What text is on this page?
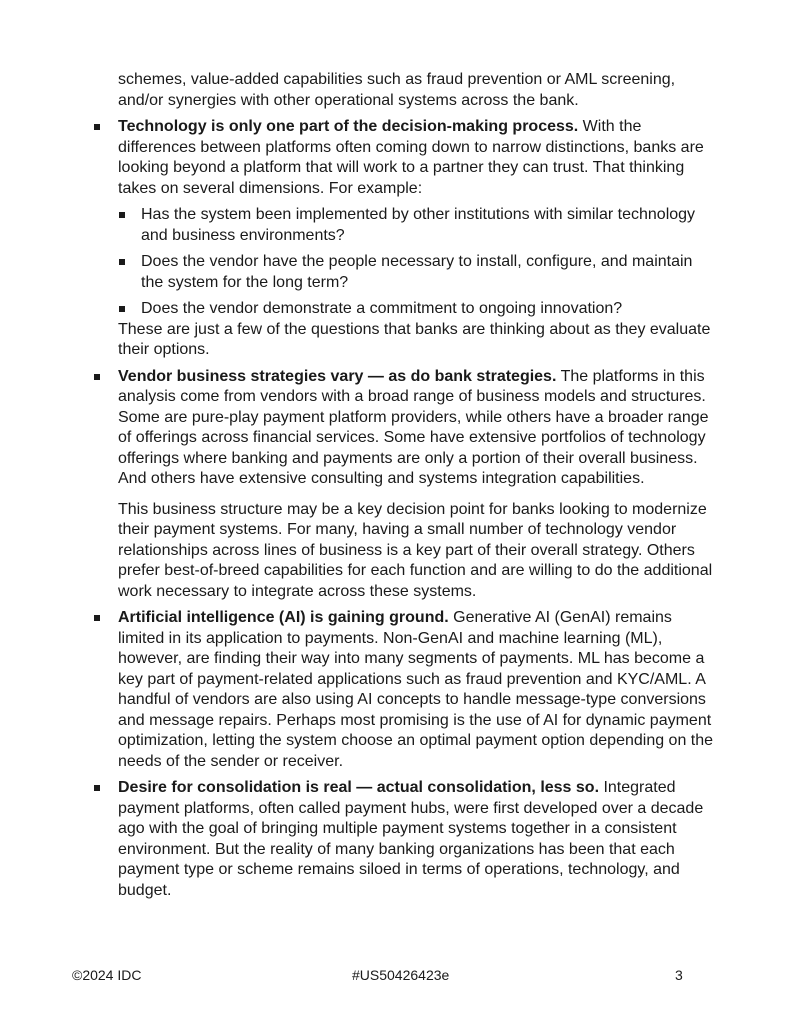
schemes, value-added capabilities such as fraud prevention or AML screening, and/or synergies with other operational systems across the bank.

Technology is only one part of the decision-making process. With the differences between platforms often coming down to narrow distinctions, banks are looking beyond a platform that will work to a partner they can trust. That thinking takes on several dimensions. For example:

Has the system been implemented by other institutions with similar technology and business environments?

Does the vendor have the people necessary to install, configure, and maintain the system for the long term?

Does the vendor demonstrate a commitment to ongoing innovation?

These are just a few of the questions that banks are thinking about as they evaluate their options.

Vendor business strategies vary — as do bank strategies. The platforms in this analysis come from vendors with a broad range of business models and structures. Some are pure-play payment platform providers, while others have a broader range of offerings across financial services. Some have extensive portfolios of technology offerings where banking and payments are only a portion of their overall business. And others have extensive consulting and systems integration capabilities.

This business structure may be a key decision point for banks looking to modernize their payment systems. For many, having a small number of technology vendor relationships across lines of business is a key part of their overall strategy. Others prefer best-of-breed capabilities for each function and are willing to do the additional work necessary to integrate across these systems.

Artificial intelligence (AI) is gaining ground. Generative AI (GenAI) remains limited in its application to payments. Non-GenAI and machine learning (ML), however, are finding their way into many segments of payments. ML has become a key part of payment-related applications such as fraud prevention and KYC/AML. A handful of vendors are also using AI concepts to handle message-type conversions and message repairs. Perhaps most promising is the use of AI for dynamic payment optimization, letting the system choose an optimal payment option depending on the needs of the sender or receiver.

Desire for consolidation is real — actual consolidation, less so. Integrated payment platforms, often called payment hubs, were first developed over a decade ago with the goal of bringing multiple payment systems together in a consistent environment. But the reality of many banking organizations has been that each payment type or scheme remains siloed in terms of operations, technology, and budget.

©2024 IDC	#US50426423e	3
